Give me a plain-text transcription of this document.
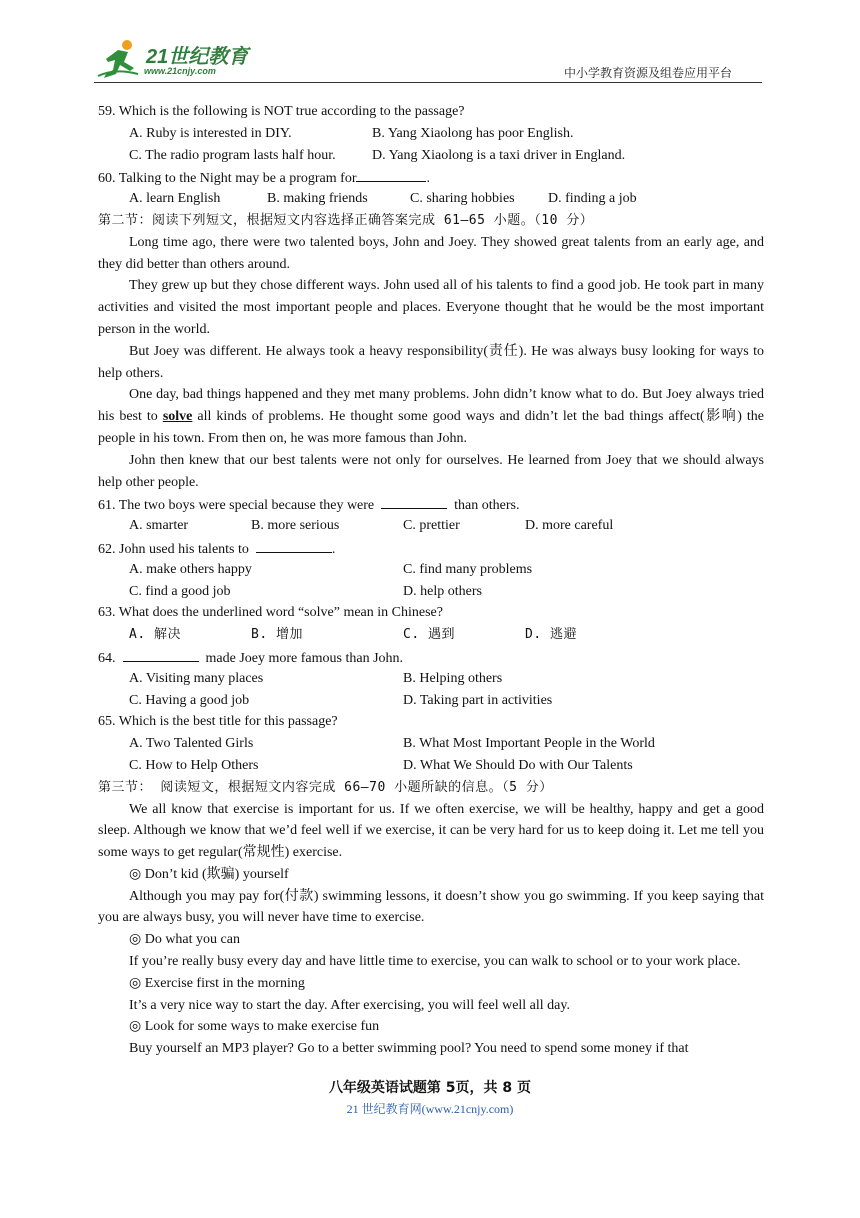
21世纪教育
www.21cnjy.com	中小学教育资源及组卷应用平台
59. Which is the following is NOT true according to the passage?
A. Ruby is interested in DIY.	B. Yang Xiaolong has poor English.
C. The radio program lasts half hour.	D. Yang Xiaolong is a taxi driver in England.
60. Talking to the Night may be a program for	.
A. learn English	B. making friends	C. sharing hobbies D. finding a job
第二节：阅读下列短文，根据短文内容选择正确答案完成 61—65 小题。（10 分）
Long time ago, there were two talented boys, John and Joey. They showed great talents from an early age, and they did better than others around.
They grew up but they chose different ways. John used all of his talents to find a good job. He took part in many activities and visited the most important people and places. Everyone thought that he would be the most important person in the world.
But Joey was different. He always took a heavy responsibility(责任). He was always busy looking for ways to help others.
One day, bad things happened and they met many problems. John didn’t know what to do. But Joey always tried his best to solve all kinds of problems. He thought some good ways and didn’t let the bad things affect(影响) the people in his town. From then on, he was more famous than John.
John then knew that our best talents were not only for ourselves. He learned from Joey that we should always help other people.
61. The two boys were special because they were	than others.
A. smarter	B. more serious	C. prettier	D. more careful
62. John used his talents to	.
A. make others happy	C. find many problems
C. find a good job	D. help others
63. What does the underlined word “solve” mean in Chinese?
A. 解决	B. 增加	C. 遇到	D. 逃避
64.	made Joey more famous than John.
A. Visiting many places	B. Helping others
C. Having a good job	D. Taking part in activities
65. Which is the best title for this passage?
A. Two Talented Girls	B. What Most Important People in the World
C. How to Help Others	D. What We Should Do with Our Talents
第三节： 阅读短文，根据短文内容完成 66—70 小题所缺的信息。（5 分）
We all know that exercise is important for us. If we often exercise, we will be healthy, happy and get a good sleep. Although we know that we’d feel well if we exercise, it can be very hard for us to keep doing it. Let me tell you some ways to get regular(常规性) exercise.
◎ Don’t kid (欺骗) yourself
Although you may pay for(付款) swimming lessons, it doesn’t show you go swimming. If you keep saying that you are always busy, you will never have time to exercise.
◎ Do what you can
If you’re really busy every day and have little time to exercise, you can walk to school or to your work place.
◎ Exercise first in the morning
It’s a very nice way to start the day. After exercising, you will feel well all day.
◎ Look for some ways to make exercise fun
Buy yourself an MP3 player? Go to a better swimming pool? You need to spend some money if that
八年级英语试题第 5页，共 8 页
21 世纪教育网(www.21cnjy.com)
